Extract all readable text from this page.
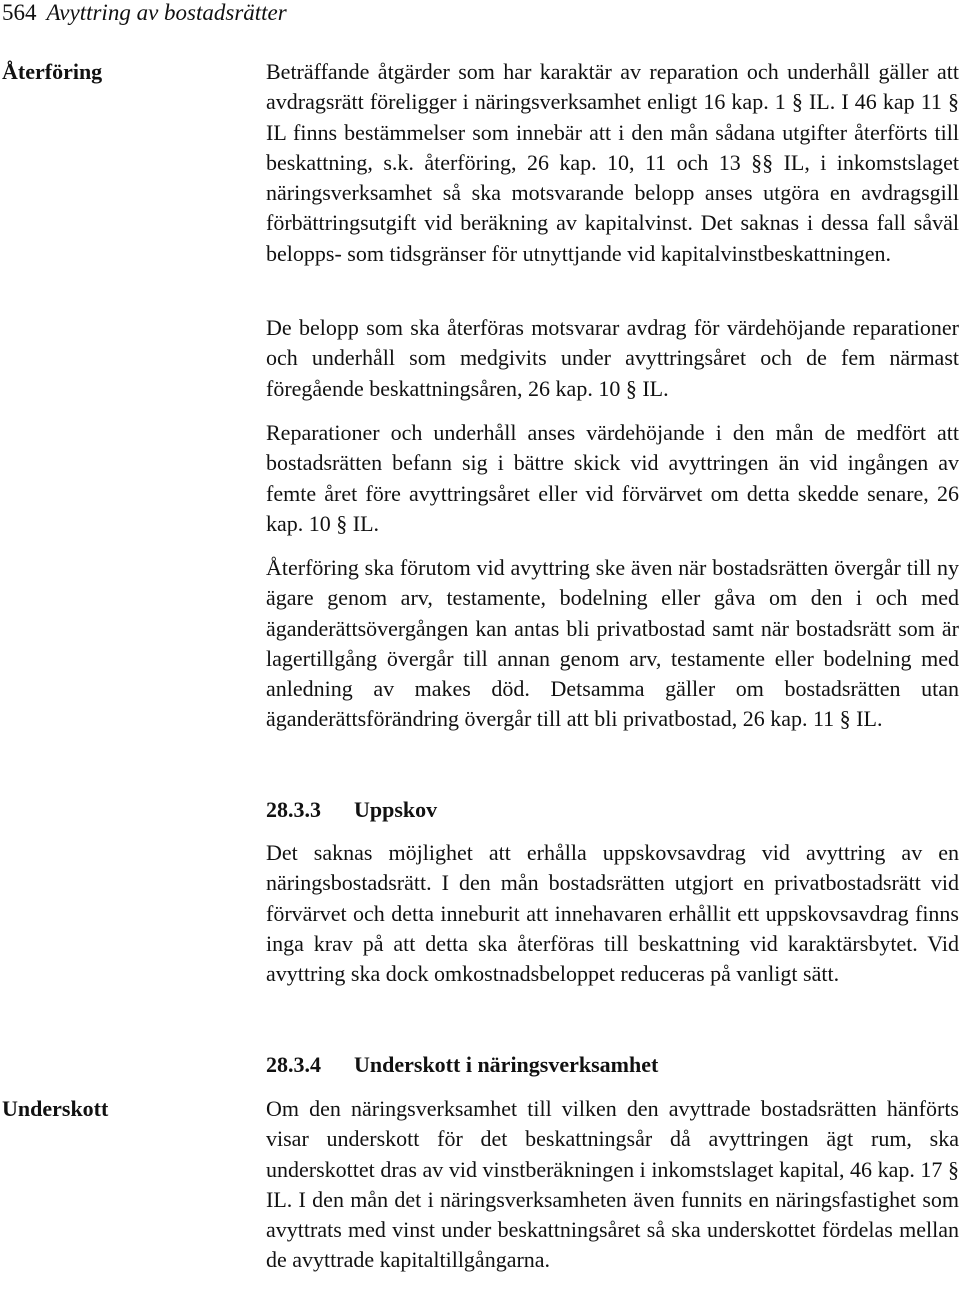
564 Avyttring av bostadsrätter
Återföring	Beträffande åtgärder som har karaktär av reparation och underhåll gäller att avdragsrätt föreligger i näringsverksamhet enligt 16 kap. 1 § IL. I 46 kap 11 § IL finns bestämmelser som innebär att i den mån sådana utgifter återförts till beskattning, s.k. återföring, 26 kap. 10, 11 och 13 §§ IL, i inkomstslaget näringsverksamhet så ska motsvarande belopp anses utgöra en avdragsgill förbättringsutgift vid beräkning av kapitalvinst. Det saknas i dessa fall såväl belopps- som tidsgränser för utnyttjande vid kapitalvinstbeskattningen.

De belopp som ska återföras motsvarar avdrag för värdehöjande reparationer och underhåll som medgivits under avyttringsåret och de fem närmast föregående beskattningsåren, 26 kap. 10 § IL.

Reparationer och underhåll anses värdehöjande i den mån de medfört att bostadsrätten befann sig i bättre skick vid avyttringen än vid ingången av femte året före avyttringsåret eller vid förvärvet om detta skedde senare, 26 kap. 10 § IL.

Återföring ska förutom vid avyttring ske även när bostadsrätten övergår till ny ägare genom arv, testamente, bodelning eller gåva om den i och med äganderättsövergången kan antas bli privatbostad samt när bostadsrätt som är lagertillgång övergår till annan genom arv, testamente eller bodelning med anledning av makes död. Detsamma gäller om bostadsrätten utan äganderättsförändring övergår till att bli privatbostad, 26 kap. 11 § IL.

28.3.3 Uppskov

Det saknas möjlighet att erhålla uppskovsavdrag vid avyttring av en näringsbostadsrätt. I den mån bostadsrätten utgjort en privatbostadsrätt vid förvärvet och detta inneburit att innehavaren erhållit ett uppskovsavdrag finns inga krav på att detta ska återföras till beskattning vid karaktärsbytet. Vid avyttring ska dock omkostnadsbeloppet reduceras på vanligt sätt.

28.3.4 Underskott i näringsverksamhet
Underskott	Om den näringsverksamhet till vilken den avyttrade bostadsrätten hänförts visar underskott för det beskattningsår då avyttringen ägt rum, ska underskottet dras av vid vinstberäkningen i inkomstslaget kapital, 46 kap. 17 § IL. I den mån det i näringsverksamheten även funnits en näringsfastighet som avyttrats med vinst under beskattningsåret så ska underskottet fördelas mellan de avyttrade kapitaltillgångarna.
